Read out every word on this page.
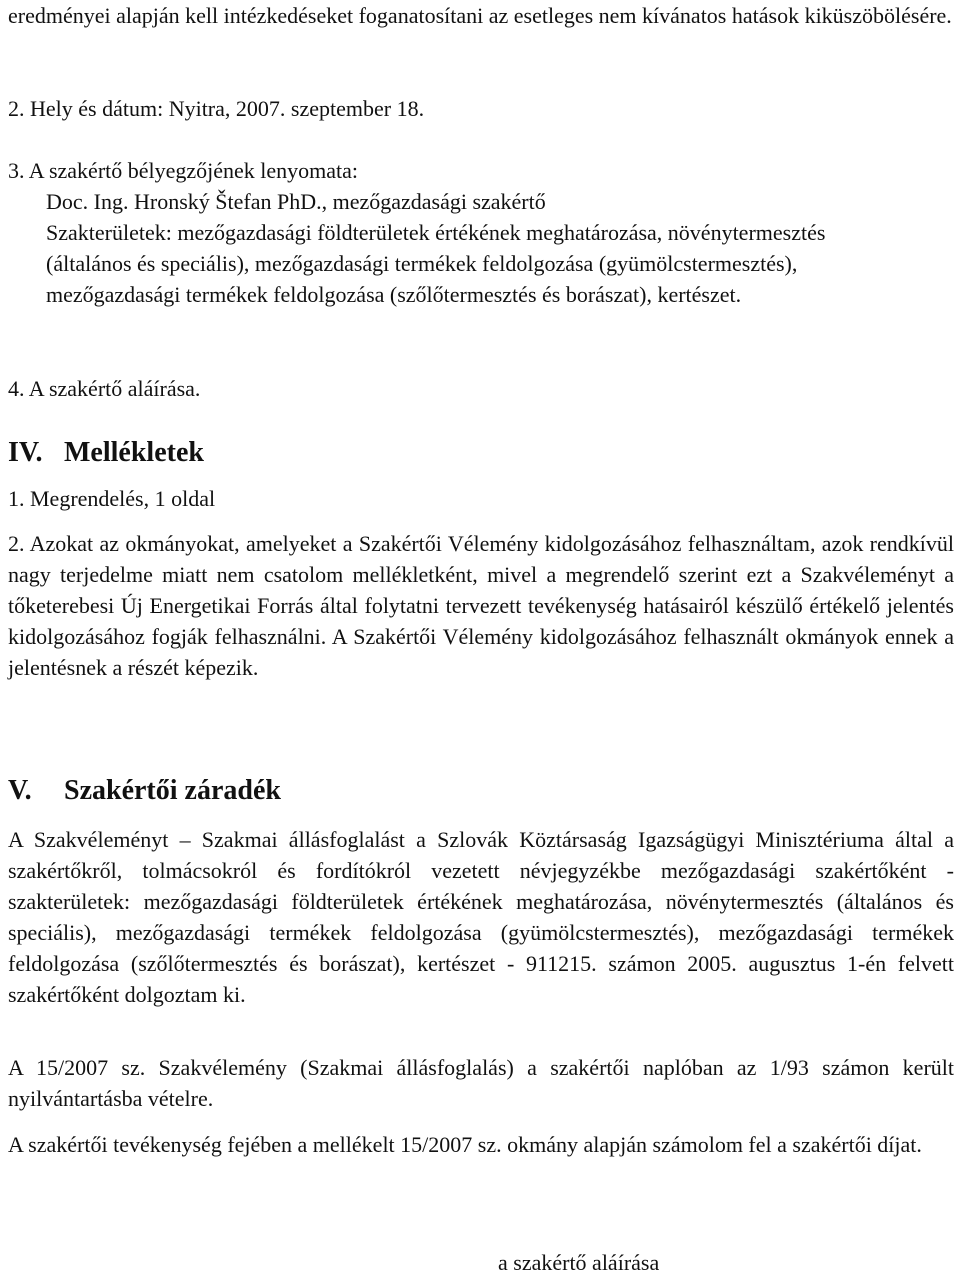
eredményei alapján kell intézkedéseket foganatosítani az esetleges nem kívánatos hatások kiküszöbölésére.

2. Hely és dátum: Nyitra, 2007. szeptember 18.

3. A szakértő bélyegzőjének lenyomata:

Doc. Ing. Hronský Štefan PhD., mezőgazdasági szakértő

Szakterületek: mezőgazdasági földterületek értékének meghatározása, növénytermesztés (általános és speciális), mezőgazdasági termékek feldolgozása (gyümölcstermesztés), mezőgazdasági termékek feldolgozása (szőlőtermesztés és borászat), kertészet.

4. A szakértő aláírása.

IV. Mellékletek

1. Megrendelés, 1 oldal

2. Azokat az okmányokat, amelyeket a Szakértői Vélemény kidolgozásához felhasználtam, azok rendkívül nagy terjedelme miatt nem csatolom mellékletként, mivel a megrendelő szerint ezt a Szakvéleményt a tőketerebesi Új Energetikai Forrás által folytatni tervezett tevékenység hatásairól készülő értékelő jelentés kidolgozásához fogják felhasználni. A Szakértői Vélemény kidolgozásához felhasznált okmányok ennek a jelentésnek a részét képezik.

V. Szakértői záradék

A Szakvéleményt – Szakmai állásfoglalást a Szlovák Köztársaság Igazságügyi Minisztériuma által a szakértőkről, tolmácsokról és fordítókról vezetett névjegyzékbe mezőgazdasági szakértőként - szakterületek: mezőgazdasági földterületek értékének meghatározása, növénytermesztés (általános és speciális), mezőgazdasági termékek feldolgozása (gyümölcstermesztés), mezőgazdasági termékek feldolgozása (szőlőtermesztés és borászat), kertészet - 911215. számon 2005. augusztus 1-én felvett szakértőként dolgoztam ki.

A 15/2007 sz. Szakvélemény (Szakmai állásfoglalás) a szakértői naplóban az 1/93 számon került nyilvántartásba vételre.

A szakértői tevékenység fejében a mellékelt 15/2007 sz. okmány alapján számolom fel a szakértői díjat.

a szakértő aláírása
